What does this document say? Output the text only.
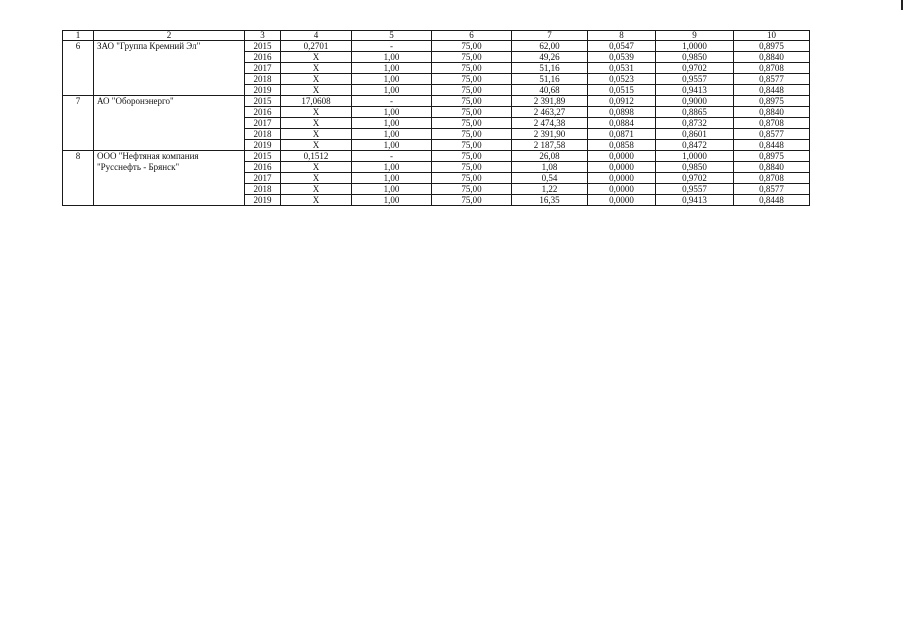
1	2	3	4	5	6	7	8	9	10
6	ЗАО "Группа Кремний Эл"	2015	0,2701	-	75,00	62,00	0,0547	1,0000	0,8975
		2016	Х	1,00	75,00	49,26	0,0539	0,9850	0,8840
		2017	Х	1,00	75,00	51,16	0,0531	0,9702	0,8708
		2018	Х	1,00	75,00	51,16	0,0523	0,9557	0,8577
		2019	Х	1,00	75,00	40,68	0,0515	0,9413	0,8448
7	АО "Оборонэнерго"	2015	17,0608	-	75,00	2 391,89	0,0912	0,9000	0,8975
		2016	Х	1,00	75,00	2 463,27	0,0898	0,8865	0,8840
		2017	Х	1,00	75,00	2 474,38	0,0884	0,8732	0,8708
		2018	Х	1,00	75,00	2 391,90	0,0871	0,8601	0,8577
		2019	Х	1,00	75,00	2 187,58	0,0858	0,8472	0,8448
8	ООО "Нефтяная компания "Русснефть - Брянск"	2015	0,1512	-	75,00	26,08	0,0000	1,0000	0,8975
		2016	Х	1,00	75,00	1,08	0,0000	0,9850	0,8840
		2017	Х	1,00	75,00	0,54	0,0000	0,9702	0,8708
		2018	Х	1,00	75,00	1,22	0,0000	0,9557	0,8577
		2019	Х	1,00	75,00	16,35	0,0000	0,9413	0,8448
